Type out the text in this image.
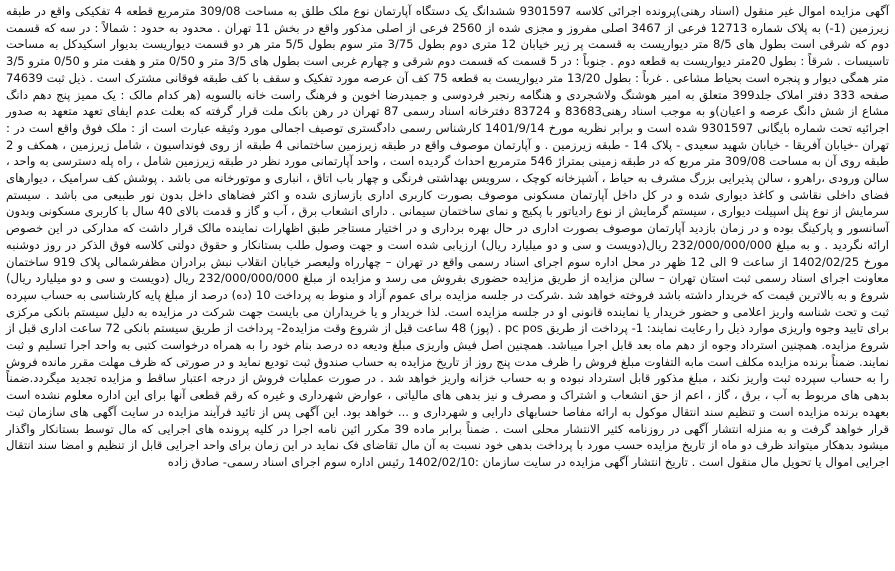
آگهی مزایده اموال غیر منقول (اسناد رهنی)پرونده اجرائی کلاسه 9301597 ششدانگ یک دستگاه آپارتمان نوع ملک طلق به مساحت 309/08 مترمربع قطعه 4 تفکیکی واقع در طبقه زیرزمین (1-) به پلاک شماره 12713 فرعی از 3467 اصلی مفروز و مجزی شده از 2560 فرعی از اصلی مذکور واقع در بخش 11 تهران . محدود به حدود : شمالاً : در سه که قسمت دوم که شرقی است بطول های 8/5 متر دیواریست به قسمت پر زیر خیابان 12 متری دوم بطول 3/75 متر سوم بطول 5/5 متر هر دو قسمت دیواریست بدیوار اسکیدکل به مساحت تاسیسات . شرقاً : بطول 20متر دیواریست به قطعه دوم . جنوباً : در 5 قسمت که قسمت دوم شرقی و چهارم غربی است بطول های 3/5 متر و 0/50 متر و هفت متر و 0/50 مترو 3/5 متر همگی دیوار و پنجره است بحیاط مشاعی . غرباً : بطول 13/20 متر دیواریست به قطعه 75 کف آن عرصه مورد تفکیک و سقف با کف طبقه فوقانی مشترک است . ذیل ثبت 74639 صفحه 333 دفتر املاک جلد399 متعلق به امیر هوشنگ ولاشجردی و هنگامه رنجبر فردوسی و جمیدرضا اخوین و فرهنگ راست خانه بالسویه (هر کدام مالک : یک ممیز پنج دهم دانگ مشاع از شش دانگ عرصه و اعیان)و به موجب اسناد رهنی83683 و 83724 دفترخانه اسناد رسمی 87 تهران در رهن بانک ملت قرار گرفته که بعلت عدم ایفای تعهد متعهد به صدور اجرائیه تحت شماره بایگانی 9301597 شده است و برابر نظریه مورخ 1401/9/14 کارشناس رسمی دادگستری توصیف اجمالی مورد وثیقه عبارت است از : ملک فوق واقع است در : تهران -خیابان آفریقا - خیابان شهید سعیدی - پلاک 14 - طبقه زیرزمین . و آپارتمان موصوف واقع در طبقه زیرزمین ساختمانی 4 طبقه از روی فونداسیون ، شامل زیرزمین ، همکف و 2 طبقه روی آن به مساحت 309/08 متر مربع که در طبقه زمینی بمتراژ 546 مترمربع احداث گردیده است ، واحد آپارتمانی مورد نظر در طبقه زیرزمین شامل ، راه پله دسترسی به واحد ، سالن ورودی ،راهرو ، سالن پذیرایی بزرگ مشرف به حیاط ، آشپزخانه کوچک ، سرویس بهداشتی فرنگی و چهار باب اتاق ، انباری و موتورخانه می باشد . پوشش کف سرامیک ، دیوارهای فضای داخلی نقاشی و کاغذ دیواری شده و در کل داخل آپارتمان مسکونی موصوف بصورت کاربری اداری بازسازی شده و اکثر فضاهای داخل بدون نور طبیعی می باشد . سیستم سرمایش از نوع پنل اسپیلت دیواری ، سیستم گرمایش از نوع رادیاتور با پکیج و نمای ساختمان سیمانی . دارای انشعاب برق ، آب و گاز و قدمت بالای 40 سال با کاربری مسکونی وبدون آسانسور و پارکینگ بوده و در زمان بازدید آپارتمان موصوف بصورت اداری در حال بهره برداری و در اختیار مستاجر طبق اظهارات نماینده مالک قرار داشت که مدارکی در این خصوص ارائه نگردید . و به مبلغ 232/000/000/000 ریال(دویست و سی و دو میلیارد ریال) ارزیابی شده است و جهت وصول طلب بستانکار و حقوق دولتی کلاسه فوق الذکر در روز دوشنبه مورخ 1402/02/25 از ساعت 9 الی 12 ظهر در محل اداره سوم اجرای اسناد رسمی واقع در تهران – چهارراه ولیعصر خیابان انقلاب نبش برادران مظفرشمالی پلاک 919 ساختمان معاونت اجرای اسناد رسمی ثبت استان تهران – سالن مزایده از طریق مزایده حضوری بفروش می رسد و مزایده از مبلغ 232/000/000/000 ریال (دویست و سی و دو میلیارد ریال) شروع و به بالاترین قیمت که خریدار داشته باشد فروخته خواهد شد .شرکت در جلسه مزایده برای عموم آزاد و منوط به پرداخت 10 (ده) درصد از مبلغ پایه کارشناسی به حساب سپرده ثبت و تحت شناسه واریز اعلامی و حضور خریدار یا نماینده قانونی او در جلسه مزایده است. لذا خریدار و یا خریداران می بایست جهت شرکت در مزایده به دلیل سیستم بانکی مرکزی برای تایید وجوه واریزی موارد ذیل را رعایت نمایند: 1- پرداخت از طریق pc pos . (پوز) 48 ساعت قبل از شروع وقت مزایده2- پرداخت از طریق سیستم بانکی 72 ساعت اداری قبل از شروع مزایده. همچنین استرداد وجوه از دهم ماه بعد قابل اجرا میباشد. همچنین اصل فیش واریزی مبلغ ودیعه ده درصد بنام خود را به همراه درخواست کتبی به واحد اجرا تسلیم و ثبت نمایند. ضمناً برنده مزایده مکلف است مابه التفاوت مبلغ فروش را ظرف مدت پنج روز از تاریخ مزایده به حساب صندوق ثبت تودیع نماید و در صورتی که ظرف مهلت مقرر مانده فروش را به حساب سپرده ثبت واریز نکند ، مبلغ مذکور قابل استرداد نبوده و به حساب خزانه واریز خواهد شد . در صورت عملیات فروش از درجه اعتبار ساقط و مزایده تجدید میگردد.ضمناً بدهی های مربوط به آب ، برق ، گاز ، اعم از حق انشعاب و اشتراک و مصرف و نیز بدهی های مالیاتی ، عوارض شهرداری و غیره که رقم قطعی آنها برای این اداره معلوم نشده است بعهده برنده مزایده است و تنظیم سند انتقال موکول به ارائه مفاصا حسابهای دارایی و شهرداری و ... خواهد بود. این آگهی پس از تائید فرآیند مزایده در سایت آگهی های سازمان ثبت قرار خواهد گرفت و به منزله انتشار آگهی در روزنامه کثیر الانتشار محلی است . ضمناً برابر ماده 39 مکرر ائین نامه اجرا در کلیه پرونده های اجرایی که مال توسط بستانکار واگذار میشود بدهکار میتواند ظرف دو ماه از تاریخ مزایده حسب مورد با پرداخت بدهی خود نسبت به آن مال تقاضای فک نماید در این زمان برای واحد اجرایی قابل از تنظیم و امضا سند انتقال اجرایی اموال یا تحویل مال منقول است . تاریخ انتشار آگهی مزایده در سایت سازمان :1402/02/10 رئیس اداره سوم اجرای اسناد رسمی- صادق زاده
